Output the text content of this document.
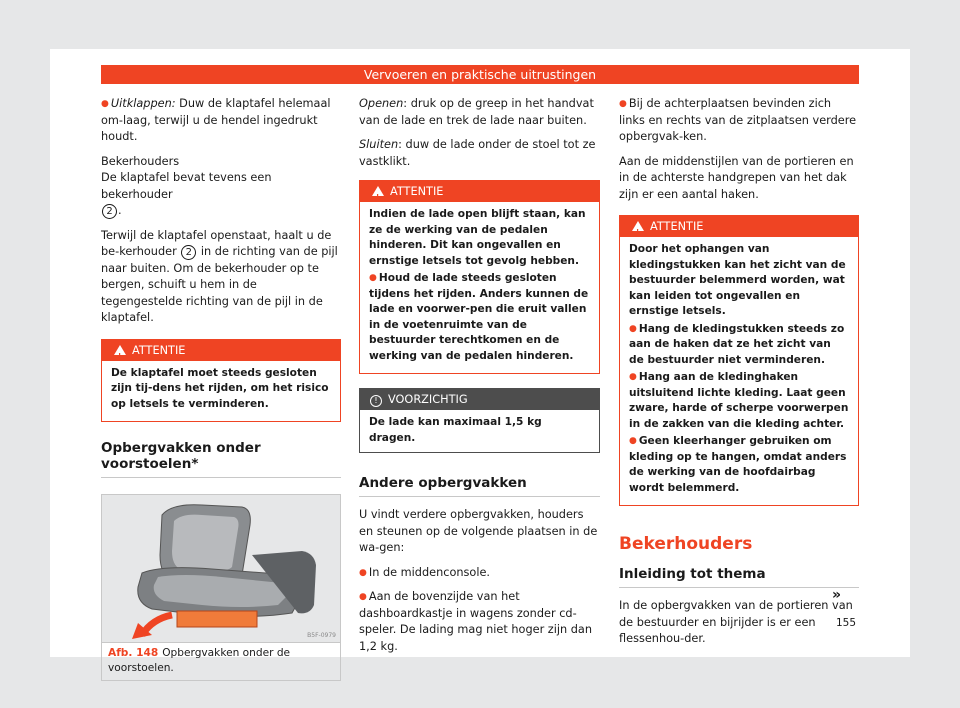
Vervoeren en praktische uitrustingen

● Uitklappen: Duw de klaptafel helemaal om-laag, terwijl u de hendel ingedrukt houdt.

Bekerhouders

De klaptafel bevat tevens een bekerhouder
2 .

Terwijl de klaptafel openstaat, haalt u de be-kerhouder 2 in de richting van de pijl naar buiten. Om de bekerhouder op te bergen, schuift u hem in de tegengestelde richting van de pijl in de klaptafel.

!ATTENTIE

De klaptafel moet steeds gesloten zijn tij-dens het rijden, om het risico op letsels te verminderen.

Opbergvakken onder voorstoelen*
B5F-0979
Afb. 148 Opbergvakken onder de voorstoelen.

Openen: druk op de greep in het handvat van de lade en trek de lade naar buiten.

Sluiten: duw de lade onder de stoel tot ze vastklikt.

!ATTENTIE

Indien de lade open blijft staan, kan ze de werking van de pedalen hinderen. Dit kan ongevallen en ernstige letsels tot gevolg hebben.

● Houd de lade steeds gesloten tijdens het rijden. Anders kunnen de lade en voorwer-pen die eruit vallen in de voetenruimte van de bestuurder terechtkomen en de werking van de pedalen hinderen.

! VOORZICHTIG

De lade kan maximaal 1,5 kg dragen.

Andere opbergvakken

U vindt verdere opbergvakken, houders en steunen op de volgende plaatsen in de wa-gen:

● In de middenconsole.

● Aan de bovenzijde van het dashboardkastje in wagens zonder cd-speler. De lading mag niet hoger zijn dan 1,2 kg.

● Bij de achterplaatsen bevinden zich links en rechts van de zitplaatsen verdere opbergvak-ken.

Aan de middenstijlen van de portieren en in de achterste handgrepen van het dak zijn er een aantal haken.

!ATTENTIE

Door het ophangen van kledingstukken kan het zicht van de bestuurder belemmerd worden, wat kan leiden tot ongevallen en ernstige letsels.

● Hang de kledingstukken steeds zo aan de haken dat ze het zicht van de bestuurder niet verminderen.

● Hang aan de kledinghaken uitsluitend lichte kleding. Laat geen zware, harde of scherpe voorwerpen in de zakken van die kleding achter.

● Geen kleerhanger gebruiken om kleding op te hangen, omdat anders de werking van de hoofdairbag wordt belemmerd.

Bekerhouders
Inleiding tot thema

In de opbergvakken van de portieren van de bestuurder en bijrijder is er een flessenhou-der.

»
155
